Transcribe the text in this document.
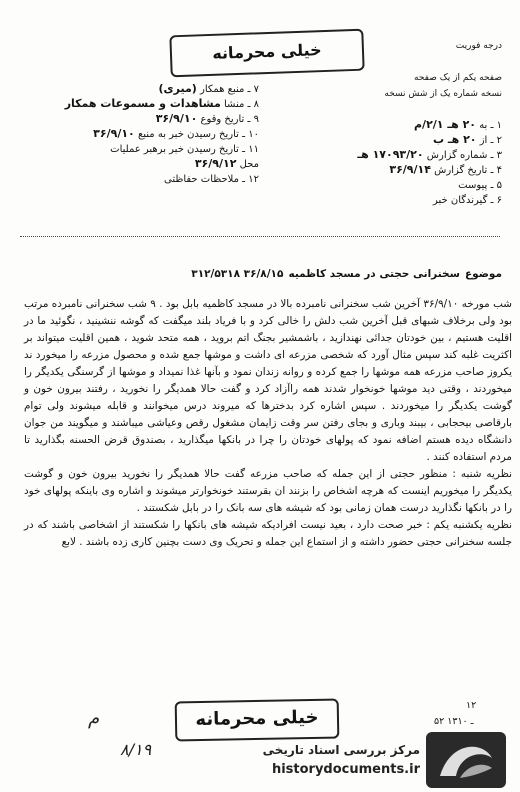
خیلی محرمانه	درجه فوریت
صفحه یکم از یک صفحه
نسخه شماره یک از شش نسخه
۷ ـ منبع همکار (میری)
۸ ـ منشا مشاهدات و مسموعات همکار
۹ ـ تاریخ وقوع ۳۶/۹/۱۰
۱۰ ـ تاریخ رسیدن خبر به منبع ۳۶/۹/۱۰
۱۱ ـ تاریخ رسیدن خبر برهبر عملیات
محل ۳۶/۹/۱۲
۱۲ ـ ملاحظات حفاظتی
۱ ـ به ۲۰ هـ ۲/۱/م
۲ ـ از ۲۰ هـ ب
۳ ـ شماره گزارش ۱۷۰۹۳/۲۰ هـ
۴ ـ تاریخ گزارش ۳۶/۹/۱۴
۵ ـ پیوست
۶ ـ گیرندگان خبر
موضوع سخنرانی حجتی در مسجد کاظمیه ۳۶/۸/۱۵ ۳۱۲/۵۳۱۸

شب مورخه ۳۶/۹/۱۰ آخرین شب سخنرانی نامبرده بالا در مسجد کاظمیه بابل بود . ۹ شب سخنرانی نامبرده مرتب بود ولی برخلاف شبهای قبل آخرین شب دلش را خالی کرد و با فریاد بلند میگفت که گوشه ننشینید ، نگوئید ما در اقلیت هستیم ، بین خودتان جدائی نهندازید ، باشمشیر بجنگ اتم بروید ، همه متحد شوید ، همین اقلیت میتواند بر اکثریت غلبه کند سپس مثال آورد که شخصی مزرعه ای داشت و موشها جمع شده و محصول مزرعه را میخورد ند یکروز صاحب مزرعه همه موشها را جمع کرده و روانه زندان نمود و بآنها غذا نمیداد و موشها از گرسنگی یکدیگر را میخوردند ، وقتی دید موشها خونخوار شدند همه راآزاد کرد و گفت حالا همدیگر را نخورید ، رفتند بیرون خون و گوشت یکدیگر را میخوردند . سپس اشاره کرد بدخترها که میروند درس میخوانند و قابله میشوند ولی توام بارقاصی بیحجابی ، بیبند وباری و بجای رفتن سر وقت زایمان مشغول رقص وعیاشی میباشند و میگویند من جوان دانشگاه دیده هستم اضافه نمود که پولهای خودتان را چرا در بانکها میگذارید ، بصندوق قرض الحسنه بگذارید تا مردم استفاده کنند .

نظریه شنبه : منظور حجتی از این جمله که صاحب مزرعه گفت حالا همدیگر را نخورید بیرون خون و گوشت یکدیگر را میخوریم اینست که هرچه اشخاص را بزنند ان بقرستند خونخوارتر میشوند و اشاره وی باینکه پولهای خود را در بانکها نگذارید درست همان زمانی بود که شیشه های سه بانک را در بابل شکستند .

نظریه یکشنبه یکم : خبر صحت دارد ، بعید نیست افرادیکه شیشه های بانکها را شکستند از اشخاصی باشند که در جلسه سخنرانی حجتی حضور داشته و از استماع این جمله و تحریک وی دست بچنین کاری زده باشند . لابع

م	خیلی محرمانه	۵۲ ـ ۱۳۱۰
۱۲
۸/۱۹	مرکز بررسی اسناد تاریخی
historydocuments.ir
